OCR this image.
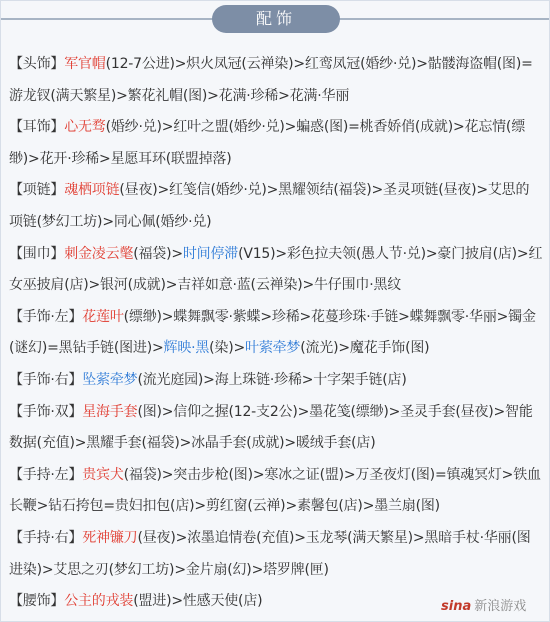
配饰

【头饰】军官帽(12-7公进)>炽火凤冠(云禅染)>红鸾凤冠(婚纱·兑)>骷髅海盗帽(图)=游龙钗(满天繁星)>繁花礼帽(图)>花满·珍稀>花满·华丽

【耳饰】心无骛(婚纱·兑)>红叶之盟(婚纱·兑)>蝙惑(图)=桃香娇俏(成就)>花忘情(缥缈)>花开·珍稀>星愿耳环(联盟掉落)

【项链】魂栖项链(昼夜)>红笺信(婚纱·兑)>黑耀领结(福袋)>圣灵项链(昼夜)>艾思的项链(梦幻工坊)>同心佩(婚纱·兑)

【围巾】刺金凌云氅(福袋)>时间停滞(V15)>彩色拉夫领(愚人节·兑)>豪门披肩(店)>红女巫披肩(店)>银河(成就)>吉祥如意·蓝(云禅染)>牛仔围巾·黑纹

【手饰·左】花莲叶(缥缈)>蝶舞飘零·紫蝶>珍稀>花蔓珍珠·手链>蝶舞飘零·华丽>镯金(谜幻)=黑钻手链(图进)>辉映·黑(染)>叶萦牵梦(流光)>魔花手饰(图)

【手饰·右】坠萦牵梦(流光庭园)>海上珠链·珍稀>十字架手链(店)

【手饰·双】星海手套(图)>信仰之握(12-支2公)>墨花笺(缥缈)>圣灵手套(昼夜)>智能数据(充值)>黑耀手套(福袋)>冰晶手套(成就)>暖绒手套(店)

【手持·左】贵宾犬(福袋)>突击步枪(图)>寒冰之证(盟)>万圣夜灯(图)=镇魂冥灯>铁血长鞭>钻石挎包=贵妇扣包(店)>剪红窗(云禅)>素馨包(店)>墨兰扇(图)

【手持·右】死神镰刀(昼夜)>浓墨追情卷(充值)>玉龙琴(满天繁星)>黑暗手杖·华丽(图进染)>艾思之刃(梦幻工坊)>金片扇(幻)>塔罗牌(匣)

【腰饰】公主的戎装(盟进)>性感天使(店)	sina 新浪游戏
